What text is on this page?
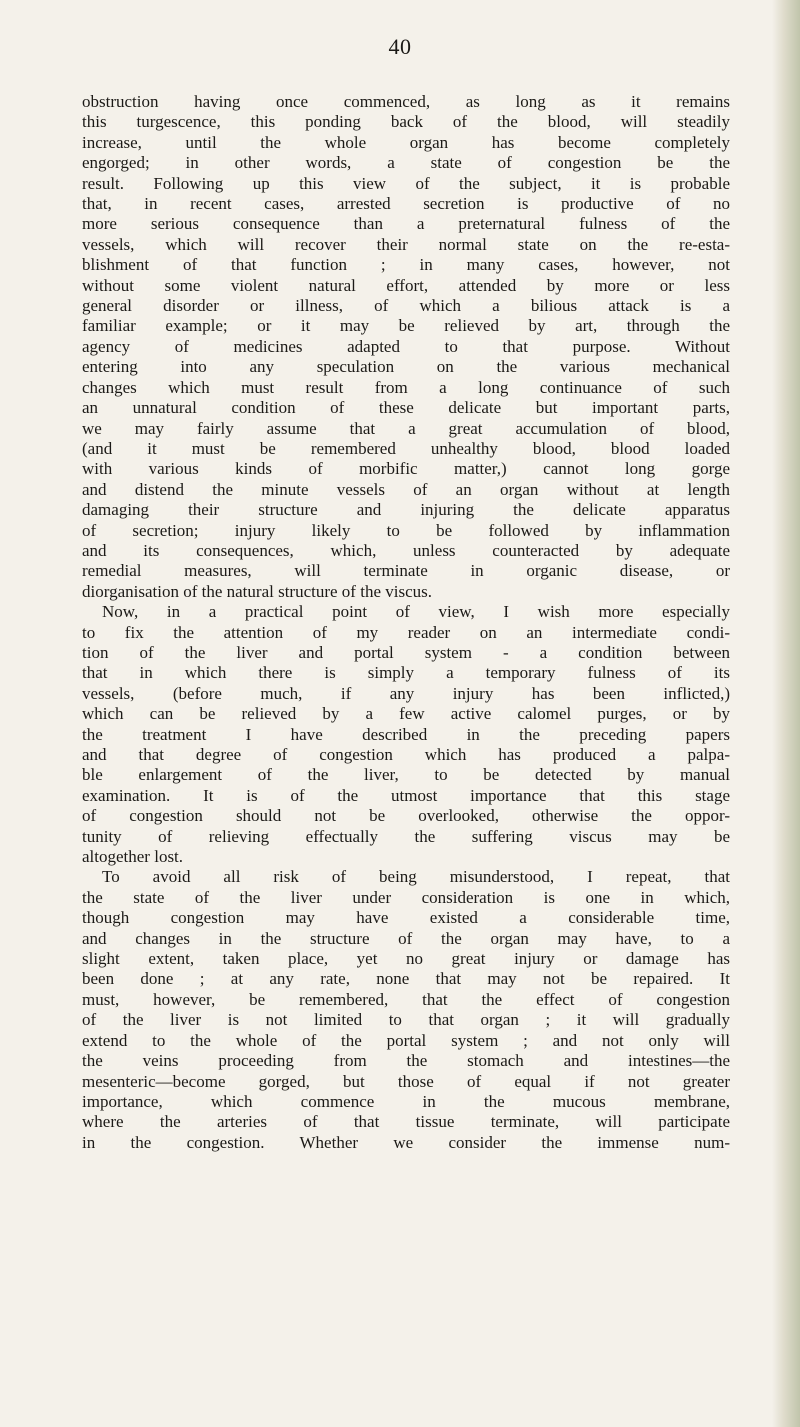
40
obstruction having once commenced, as long as it remains
this turgescence, this ponding back of the blood, will steadily
increase, until the whole organ has become completely
engorged; in other words, a state of congestion be the
result. Following up this view of the subject, it is probable
that, in recent cases, arrested secretion is productive of no
more serious consequence than a preternatural fulness of the
vessels, which will recover their normal state on the re-esta-
blishment of that function ; in many cases, however, not
without some violent natural effort, attended by more or less
general disorder or illness, of which a bilious attack is a
familiar example; or it may be relieved by art, through the
agency of medicines adapted to that purpose. Without
entering into any speculation on the various mechanical
changes which must result from a long continuance of such
an unnatural condition of these delicate but important parts,
we may fairly assume that a great accumulation of blood,
(and it must be remembered unhealthy blood, blood loaded
with various kinds of morbific matter,) cannot long gorge
and distend the minute vessels of an organ without at length
damaging their structure and injuring the delicate apparatus
of secretion; injury likely to be followed by inflammation
and its consequences, which, unless counteracted by adequate
remedial measures, will terminate in organic disease, or
diorganisation of the natural structure of the viscus.
Now, in a practical point of view, I wish more especially
to fix the attention of my reader on an intermediate condi-
tion of the liver and portal system - a condition between
that in which there is simply a temporary fulness of its
vessels, (before much, if any injury has been inflicted,)
which can be relieved by a few active calomel purges, or by
the treatment I have described in the preceding papers
and that degree of congestion which has produced a palpa-
ble enlargement of the liver, to be detected by manual
examination. It is of the utmost importance that this stage
of congestion should not be overlooked, otherwise the oppor-
tunity of relieving effectually the suffering viscus may be
altogether lost.
To avoid all risk of being misunderstood, I repeat, that
the state of the liver under consideration is one in which,
though congestion may have existed a considerable time,
and changes in the structure of the organ may have, to a
slight extent, taken place, yet no great injury or damage has
been done ; at any rate, none that may not be repaired. It
must, however, be remembered, that the effect of congestion
of the liver is not limited to that organ ; it will gradually
extend to the whole of the portal system ; and not only will
the veins proceeding from the stomach and intestines—the
mesenteric—become gorged, but those of equal if not greater
importance, which commence in the mucous membrane,
where the arteries of that tissue terminate, will participate
in the congestion. Whether we consider the immense num-
